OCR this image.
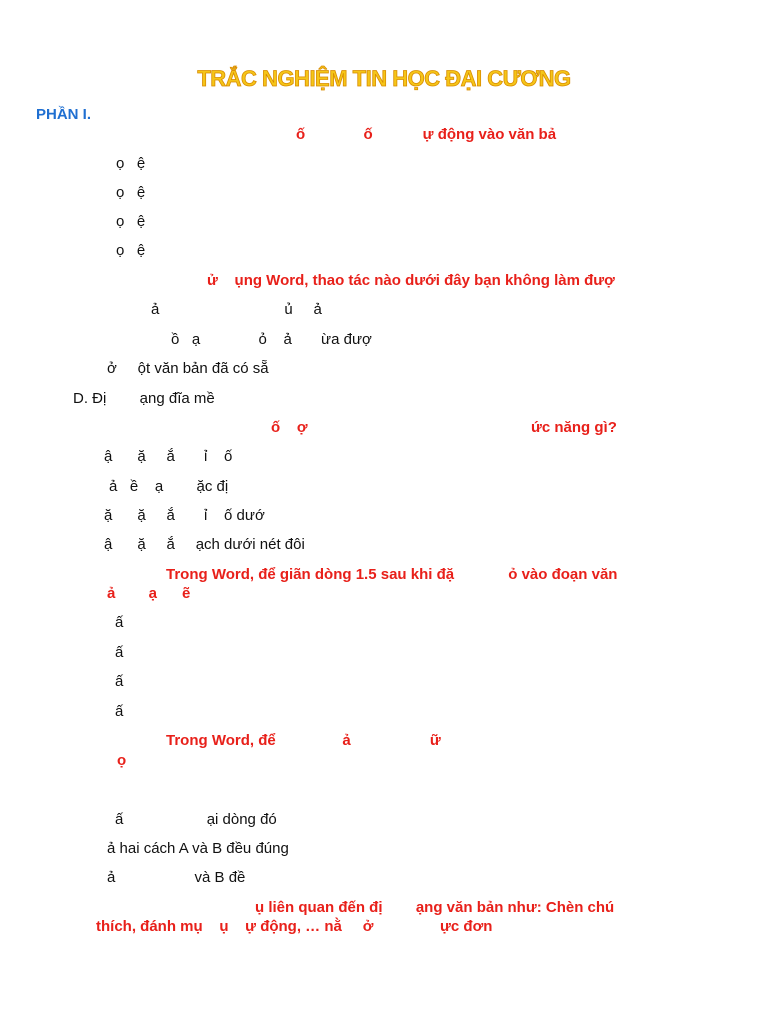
TRẮC NGHIỆM TIN HỌC ĐẠI CƯƠNG
PHẦN I.
ố              ố            ự động vào văn bả
ọ   ệ
ọ   ệ
ọ   ệ
ọ   ệ
ử    ụng Word, thao tác nào dưới đây bạn không làm đượ
ả                              ủ     ả
ồ   ạ              ỏ    ả       ừa đượ
ở     ột văn bản đã có sẵ
D. Đị        ạng đĩa mề
ố    ợ	ức năng gì?
ậ      ặ     ắ       ỉ    ố
ả   ề    ạ        ặc đị
ặ      ặ     ắ       ỉ    ố dướ
ậ      ặ     ắ     ạch dưới nét đôi
Trong Word, để giãn dòng 1.5 sau khi đặ             ỏ vào đoạn văn
ả        ạ      ẽ
ấ
ấ
ấ
ấ
Trong Word, để                ả                   ữ
ọ
ấ                    ại dòng đó
ả hai cách A và B đều đúng
ả                   và B đề
ụ liên quan đến đị        ạng văn bản như: Chèn chú
thích, đánh mụ    ụ    ự động, … nằ     ở                ực đơn
